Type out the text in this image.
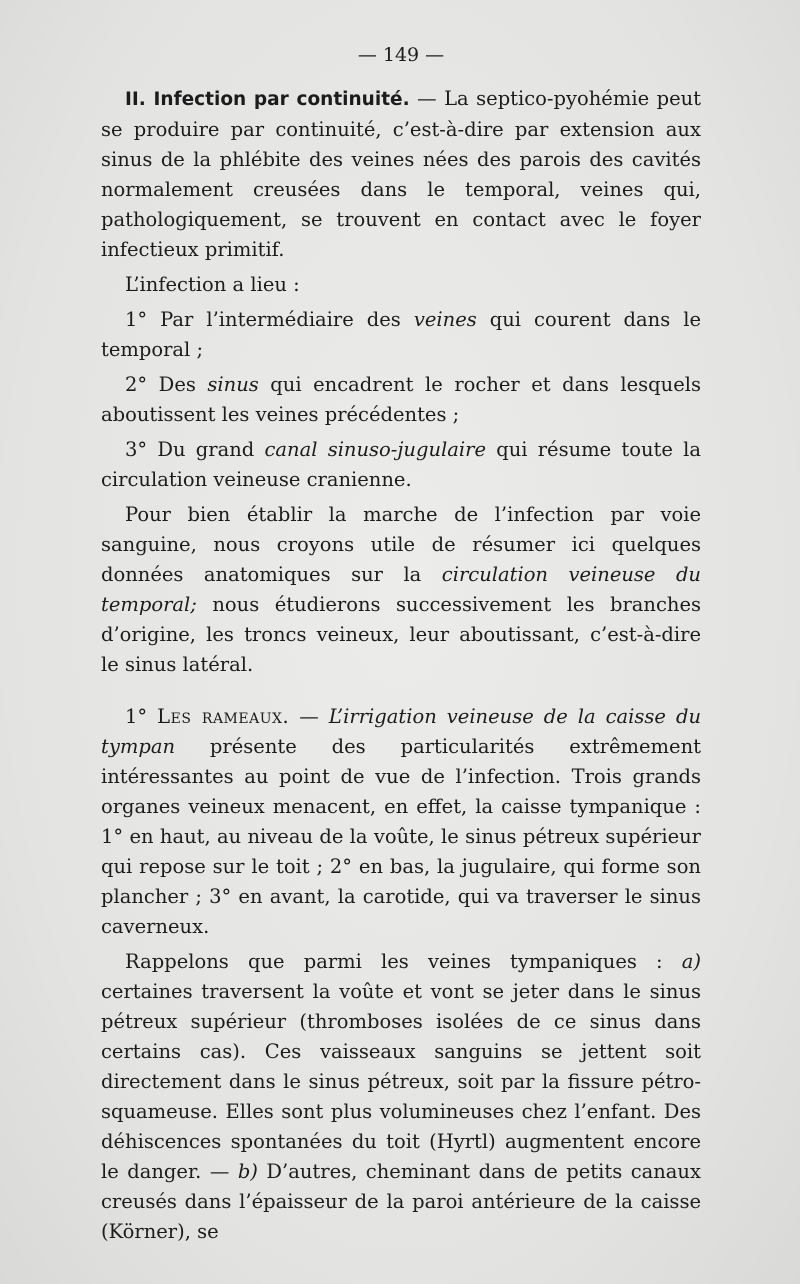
— 149 —

II. Infection par continuité. — La septico-pyohémie peut se produire par continuité, c’est-à-dire par extension aux sinus de la phlébite des veines nées des parois des cavités normalement creusées dans le temporal, veines qui, pathologiquement, se trouvent en contact avec le foyer infectieux primitif.

L’infection a lieu :

1° Par l’intermédiaire des veines qui courent dans le temporal ;

2° Des sinus qui encadrent le rocher et dans lesquels aboutissent les veines précédentes ;

3° Du grand canal sinuso-jugulaire qui résume toute la circulation veineuse cranienne.

Pour bien établir la marche de l’infection par voie sanguine, nous croyons utile de résumer ici quelques données anatomiques sur la circulation veineuse du temporal; nous étudierons successivement les branches d’origine, les troncs veineux, leur aboutissant, c’est-à-dire le sinus latéral.

1° Les rameaux. — L’irrigation veineuse de la caisse du tympan présente des particularités extrêmement intéressantes au point de vue de l’infection. Trois grands organes veineux menacent, en effet, la caisse tympanique : 1° en haut, au niveau de la voûte, le sinus pétreux supérieur qui repose sur le toit ; 2° en bas, la jugulaire, qui forme son plancher ; 3° en avant, la carotide, qui va traverser le sinus caverneux.

Rappelons que parmi les veines tympaniques : a) certaines traversent la voûte et vont se jeter dans le sinus pétreux supérieur (thromboses isolées de ce sinus dans certains cas). Ces vaisseaux sanguins se jettent soit directement dans le sinus pétreux, soit par la fissure pétro-squameuse. Elles sont plus volumineuses chez l’enfant. Des déhiscences spontanées du toit (Hyrtl) augmentent encore le danger. — b) D’autres, cheminant dans de petits canaux creusés dans l’épaisseur de la paroi antérieure de la caisse (Körner), se
